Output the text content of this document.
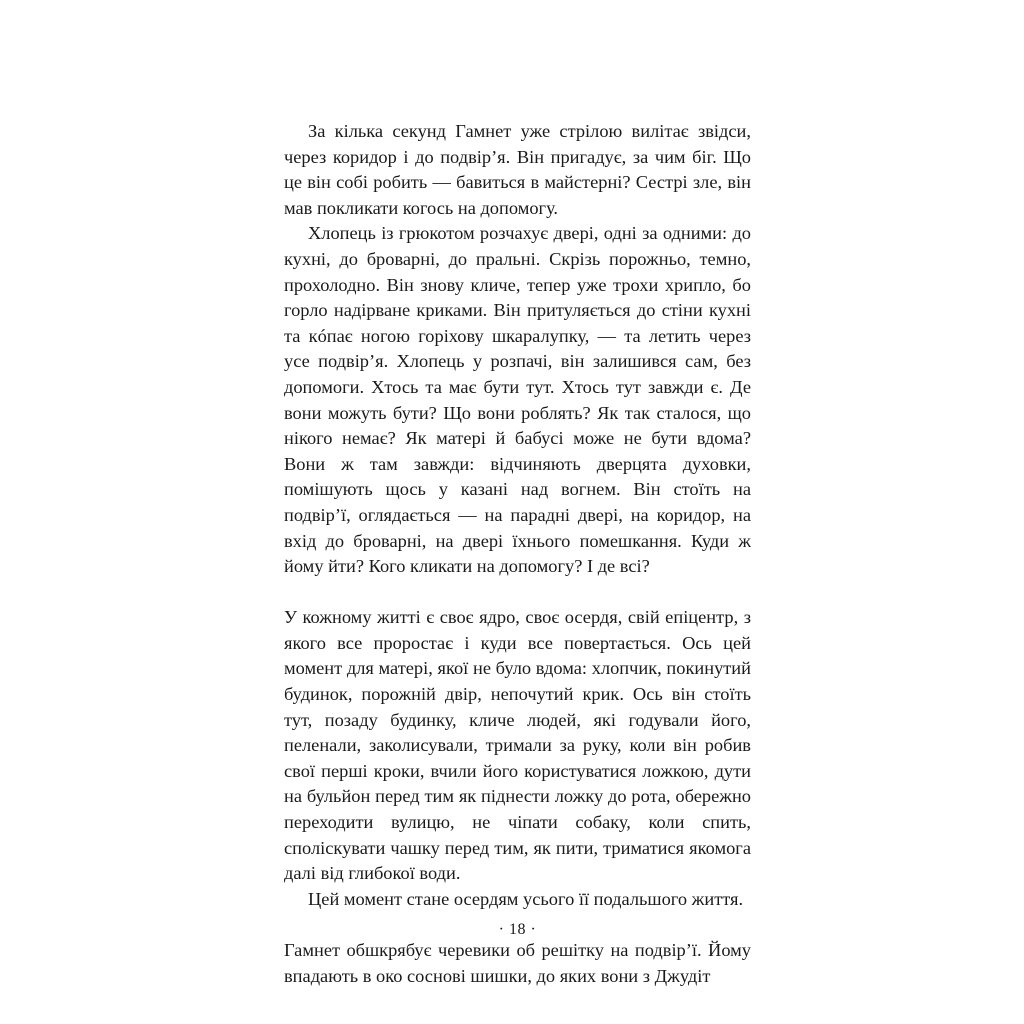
За кілька секунд Гамнет уже стрілою вилітає звідси, через коридор і до подвір’я. Він пригадує, за чим біг. Що це він собі робить — бавиться в майстерні? Сестрі зле, він мав покликати когось на допомогу.

Хлопець із грюкотом розчахує двері, одні за одними: до кухні, до броварні, до пральні. Скрізь порожньо, темно, прохолодно. Він знову кличе, тепер уже трохи хрипло, бо горло надірване криками. Він притуляється до стіни кухні та кóпає ногою горіхову шкаралупку, — та летить через усе подвір’я. Хлопець у розпачі, він залишився сам, без допомоги. Хтось та має бути тут. Хтось тут завжди є. Де вони можуть бути? Що вони роблять? Як так сталося, що нікого немає? Як матері й бабусі може не бути вдома? Вони ж там завжди: відчиняють дверцята духовки, помішують щось у казані над вогнем. Він стоїть на подвір’ї, оглядається — на парадні двері, на коридор, на вхід до броварні, на двері їхнього помешкання. Куди ж йому йти? Кого кликати на допомогу? І де всі?

У кожному житті є своє ядро, своє осердя, свій епіцентр, з якого все проростає і куди все повертається. Ось цей момент для матері, якої не було вдома: хлопчик, покинутий будинок, порожній двір, непочутий крик. Ось він стоїть тут, позаду будинку, кличе людей, які годували його, пеленали, заколисували, тримали за руку, коли він робив свої перші кроки, вчили його користуватися ложкою, дути на бульйон перед тим як піднести ложку до рота, обережно переходити вулицю, не чіпати собаку, коли спить, споліскувати чашку перед тим, як пити, триматися якомога далі від глибокої води.

Цей момент стане осердям усього її подальшого життя.

Гамнет обшкрябує черевики об решітку на подвір’ї. Йому впадають в око соснові шишки, до яких вони з Джудіт

· 18 ·
